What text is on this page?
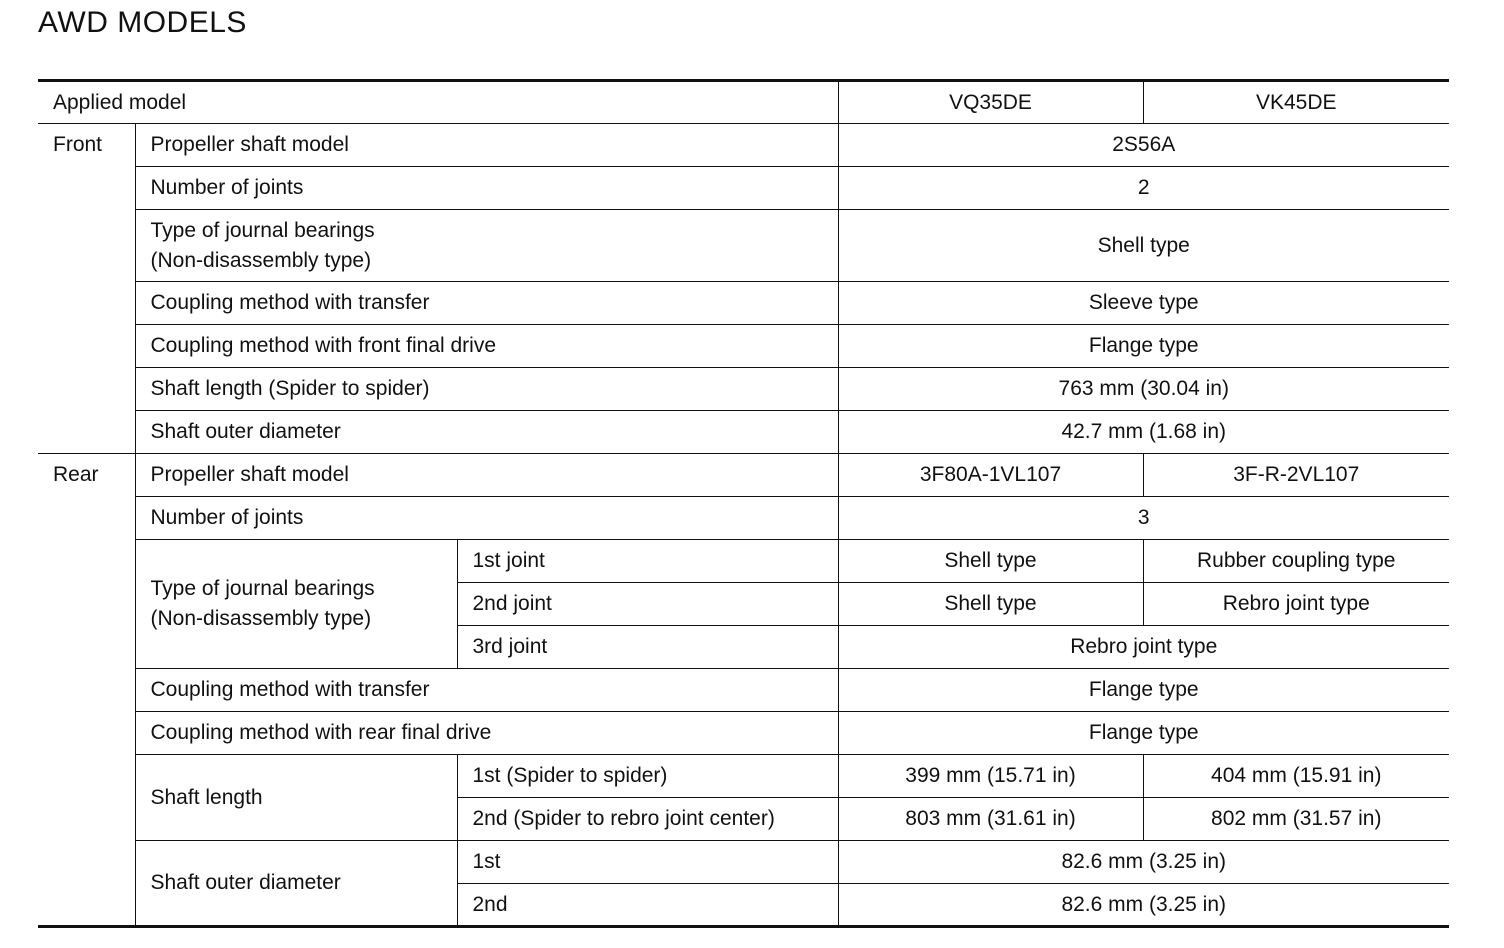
AWD MODELS
Applied model			VQ35DE	VK45DE
Front	Propeller shaft model		2S56A	
	Number of joints		2	

	Type of journal bearings
(Non-disassembly type)		Shell type	
	Coupling method with transfer		Sleeve type	
	Coupling method with front final drive		Flange type	
	Shaft length (Spider to spider)		763 mm (30.04 in)	
	Shaft outer diameter		42.7 mm (1.68 in)	
Rear	Propeller shaft model		3F80A-1VL107	3F-R-2VL107
	Number of joints		3	

	Type of journal bearings
(Non-disassembly type)	1st joint	Shell type	Rubber coupling type
		2nd joint	Shell type	Rebro joint type
		3rd joint	Rebro joint type	
	Coupling method with transfer		Flange type	
	Coupling method with rear final drive		Flange type	
	Shaft length	1st (Spider to spider)	399 mm (15.71 in)	404 mm (15.91 in)
		2nd (Spider to rebro joint center)	803 mm (31.61 in)	802 mm (31.57 in)
	Shaft outer diameter	1st	82.6 mm (3.25 in)	
		2nd	82.6 mm (3.25 in)	
